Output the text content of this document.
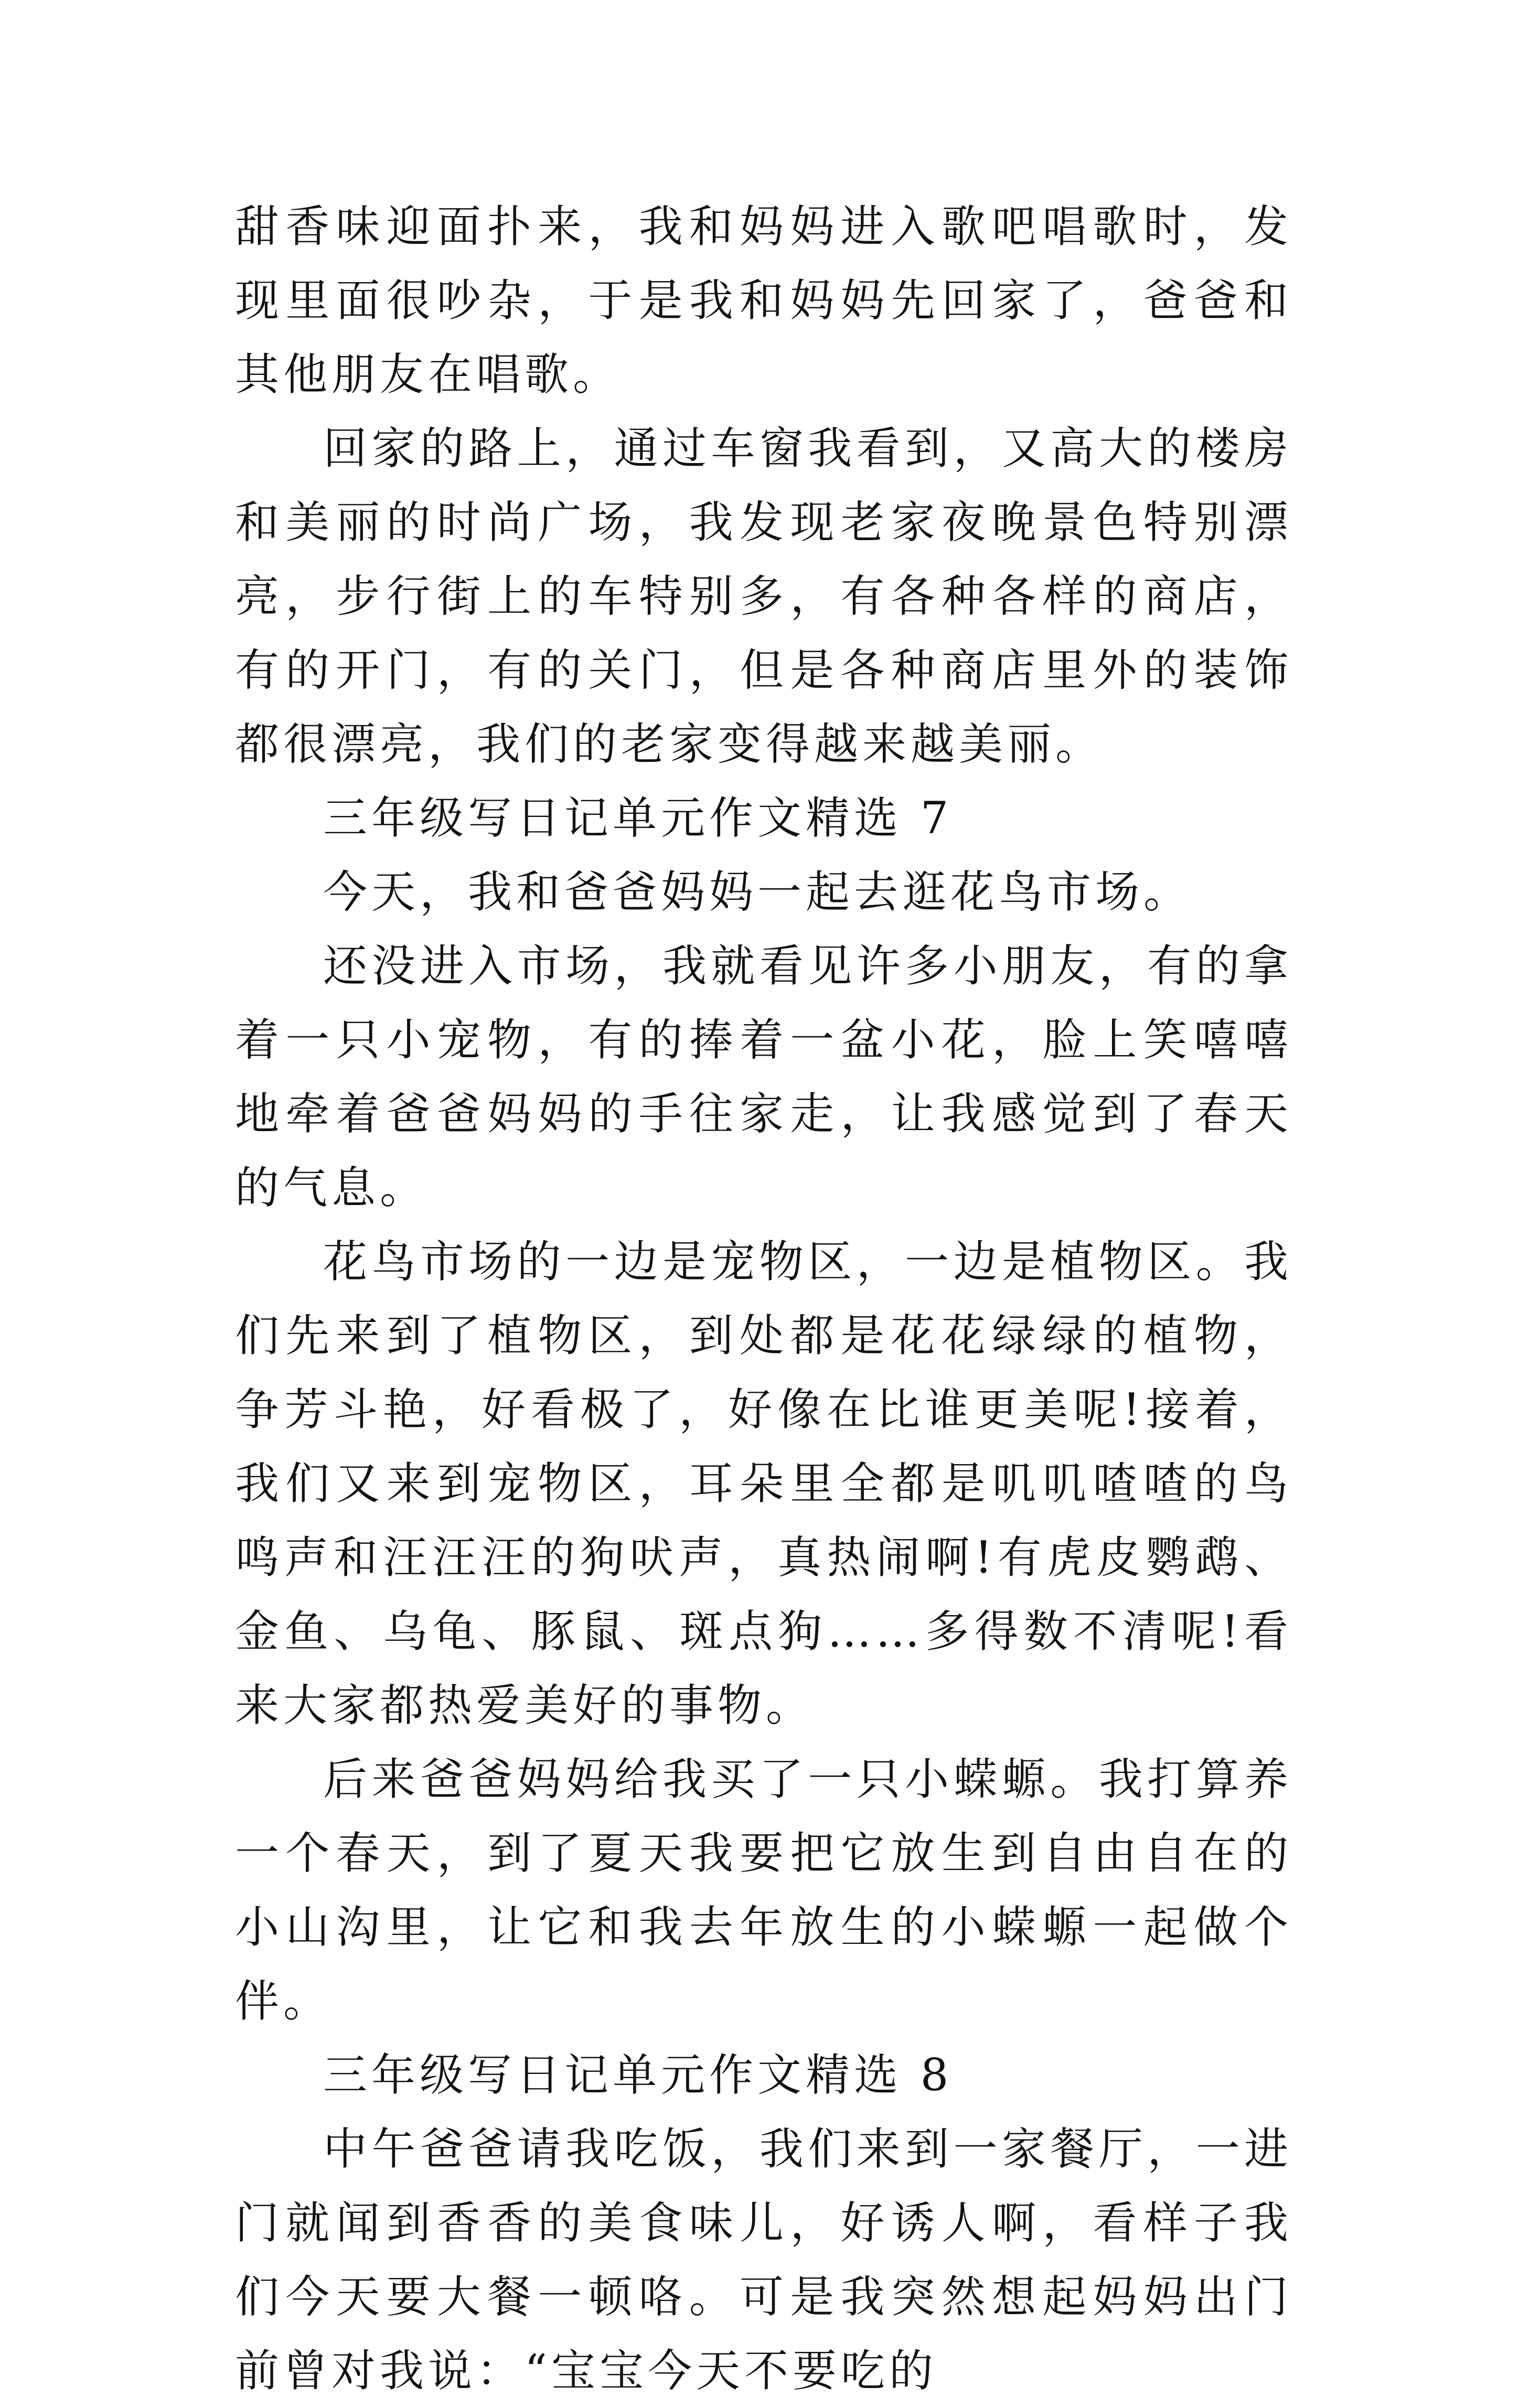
甜香味迎面扑来，我和妈妈进入歌吧唱歌时，发现里面很吵杂，于是我和妈妈先回家了，爸爸和其他朋友在唱歌。

回家的路上，通过车窗我看到，又高大的楼房和美丽的时尚广场，我发现老家夜晚景色特别漂亮，步行街上的车特别多，有各种各样的商店，有的开门，有的关门，但是各种商店里外的装饰都很漂亮，我们的老家变得越来越美丽。

三年级写日记单元作文精选 7

今天，我和爸爸妈妈一起去逛花鸟市场。

还没进入市场，我就看见许多小朋友，有的拿着一只小宠物，有的捧着一盆小花，脸上笑嘻嘻地牵着爸爸妈妈的手往家走，让我感觉到了春天的气息。

花鸟市场的一边是宠物区，一边是植物区。我们先来到了植物区，到处都是花花绿绿的植物，争芳斗艳，好看极了，好像在比谁更美呢!接着，我们又来到宠物区，耳朵里全都是叽叽喳喳的鸟鸣声和汪汪汪的狗吠声，真热闹啊!有虎皮鹦鹉、金鱼、乌龟、豚鼠、斑点狗……多得数不清呢!看来大家都热爱美好的事物。

后来爸爸妈妈给我买了一只小蝾螈。我打算养一个春天，到了夏天我要把它放生到自由自在的小山沟里，让它和我去年放生的小蝾螈一起做个伴。

三年级写日记单元作文精选 8

中午爸爸请我吃饭，我们来到一家餐厅，一进门就闻到香香的美食味儿，好诱人啊，看样子我们今天要大餐一顿咯。可是我突然想起妈妈出门前曾对我说：“宝宝今天不要吃的
